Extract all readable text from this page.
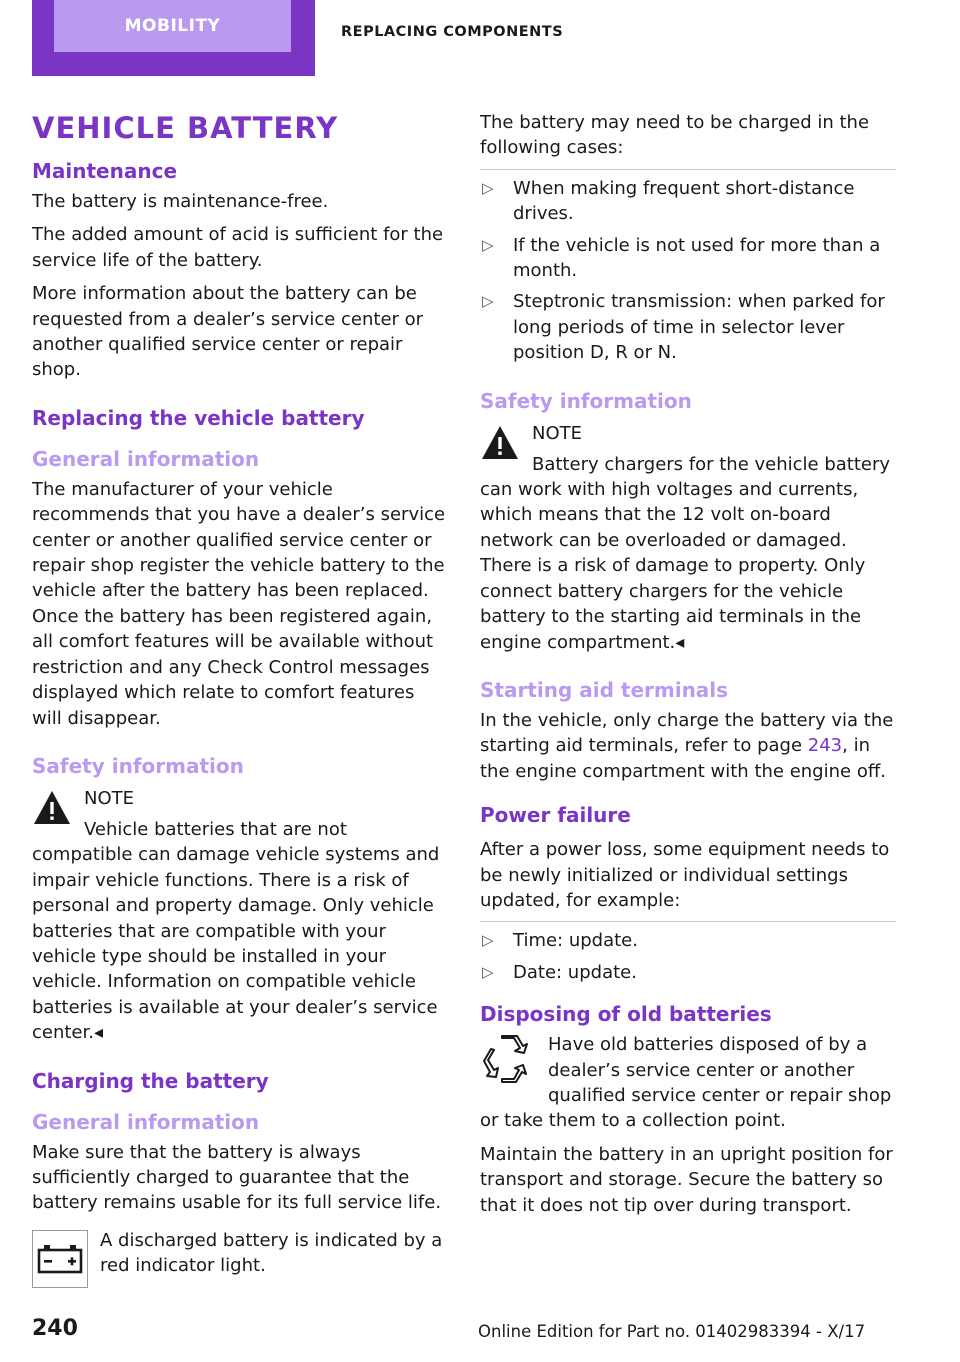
MOBILITY	REPLACING COMPONENTS
VEHICLE BATTERY
Maintenance

The battery is maintenance-free.

The added amount of acid is sufficient for the service life of the battery.

More information about the battery can be requested from a dealer’s service center or another qualified service center or repair shop.

Replacing the vehicle battery
General information

The manufacturer of your vehicle recommends that you have a dealer’s service center or another qualified service center or repair shop register the vehicle battery to the vehicle after the battery has been replaced. Once the battery has been registered again, all comfort features will be available without restriction and any Check Control messages displayed which relate to comfort features will disappear.

Safety information
NOTE
Vehicle batteries that are not compatible can damage vehicle systems and impair vehicle functions. There is a risk of personal and property damage. Only vehicle batteries that are compatible with your vehicle type should be installed in your vehicle. Information on compatible vehicle batteries is available at your dealer’s service center.◂
Charging the battery
General information

Make sure that the battery is always sufficiently charged to guarantee that the battery remains usable for its full service life.

A discharged battery is indicated by a red indicator light.

The battery may need to be charged in the following cases:

▷ When making frequent short-distance drives.
▷ If the vehicle is not used for more than a month.
▷ Steptronic transmission: when parked for long periods of time in selector lever position D, R or N.
Safety information
NOTE
Battery chargers for the vehicle battery can work with high voltages and currents, which means that the 12 volt on-board network can be overloaded or damaged. There is a risk of damage to property. Only connect battery chargers for the vehicle battery to the starting aid terminals in the engine compartment.◂
Starting aid terminals

In the vehicle, only charge the battery via the starting aid terminals, refer to page 243, in the engine compartment with the engine off.

Power failure

After a power loss, some equipment needs to be newly initialized or individual settings updated, for example:

▷ Time: update.
▷ Date: update.
Disposing of old batteries

Have old batteries disposed of by a dealer’s service center or another qualified service center or repair shop or take them to a collection point.

Maintain the battery in an upright position for transport and storage. Secure the battery so that it does not tip over during transport.

240	Online Edition for Part no. 01402983394 - X/17
